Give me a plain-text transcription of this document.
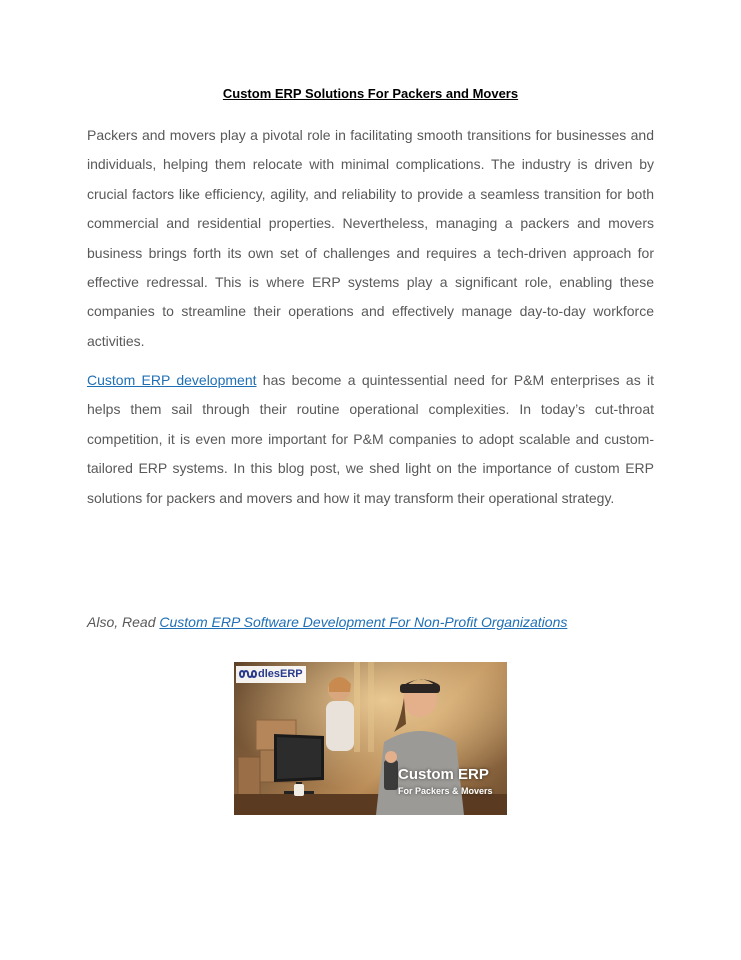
Custom ERP Solutions For Packers and Movers

Packers and movers play a pivotal role in facilitating smooth transitions for businesses and individuals, helping them relocate with minimal complications. The industry is driven by crucial factors like efficiency, agility, and reliability to provide a seamless transition for both commercial and residential properties. Nevertheless, managing a packers and movers business brings forth its own set of challenges and requires a tech-driven approach for effective redressal. This is where ERP systems play a significant role, enabling these companies to streamline their operations and effectively manage day-to-day workforce activities.

Custom ERP development has become a quintessential need for P&M enterprises as it helps them sail through their routine operational complexities. In today’s cut-throat competition, it is even more important for P&M companies to adopt scalable and custom-tailored ERP systems. In this blog post, we shed light on the importance of custom ERP solutions for packers and movers and how it may transform their operational strategy.

Also, Read Custom ERP Software Development For Non-Profit Organizations

dlesERP
Custom ERP
For Packers & Movers
